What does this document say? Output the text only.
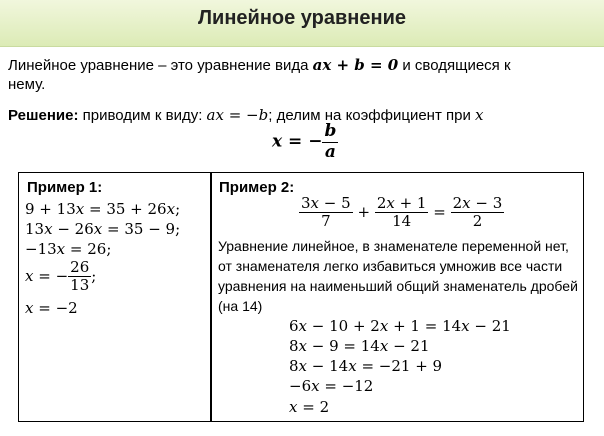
Линейное уравнение
Линейное уравнение – это уравнение вида ax + b = 0 и сводящиеся к
нему.
Решение: приводим к виду: ax = −b; делим на коэффициент при x
x = − $\frac{b}{a}$
Пример 1:
9 + 13x = 35 + 26x;
13x − 26x = 35 − 9;
−13x = 26;
x = − $\frac{26}{13}$ ;
x = −2
Пример 2:
$\frac{3x - 5}{7} + \frac{2x + 1}{14} = \frac{2x - 3}{2}$
Уравнение линейное, в знаменателе переменной нет, от знаменателя легко избавиться умножив все части уравнения на наименьший общий знаменатель дробей (на 14)
6x − 10 + 2x + 1 = 14x − 21
8x − 9 = 14x − 21
8x − 14x = −21 + 9
−6x = −12
x = 2
